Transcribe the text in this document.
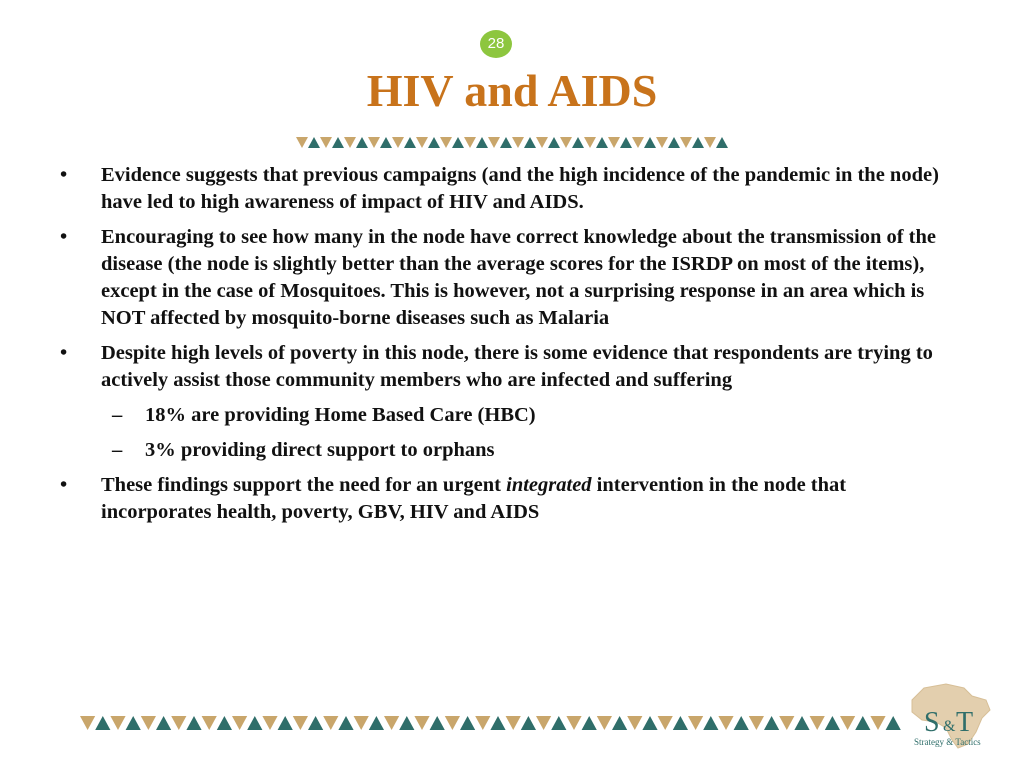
28
HIV and AIDS
• Evidence suggests that previous campaigns (and the high incidence of the pandemic in the node) have led to high awareness of impact of HIV and AIDS.
• Encouraging to see how many in the node have correct knowledge about the transmission of the disease (the node is slightly better than the average scores for the ISRDP on most of the items), except in the case of Mosquitoes. This is however, not a surprising response in an area which is NOT affected by mosquito-borne diseases such as Malaria
• Despite high levels of poverty in this node, there is some evidence that respondents are trying to actively assist those community members who are infected and suffering
– 18% are providing Home Based Care (HBC)
– 3% providing direct support to orphans
• These findings support the need for an urgent integrated intervention in the node that incorporates health, poverty, GBV, HIV and AIDS
S & T
Strategy & Tactics
